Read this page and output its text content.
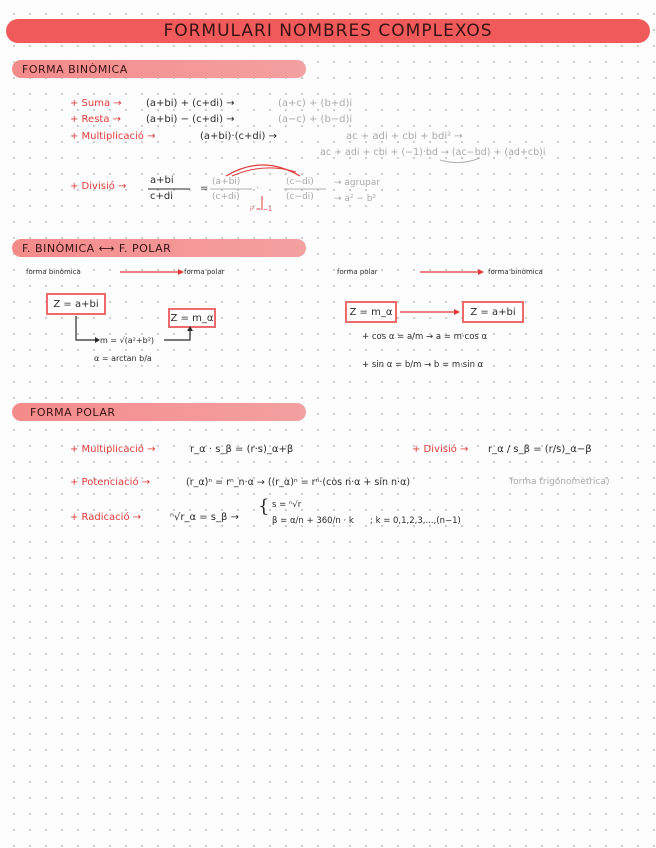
FORMULARI NOMBRES COMPLEXOS
FORMA BINÒMICA
+ Suma → (a+bi) + (c+di) →	(a+c) + (b+d)i
+ Resta → (a+bi) − (c+di) →	(a−c) + (b−d)i
+ Multiplicació →	(a+bi)·(c+di) →	ac + adi + cbi + bdi² →
ac + adi + cbi + (−1)·bd → (ac−bd) + (ad+cb)i
+ Divisió →
a+bi
c+di
=
(a+bi)
(c+di)
·
(c−di)
(c−di)
→ agrupar
→ a² − b²
i² = −1
F. BINÒMICA ⟷ F. POLAR
forma binòmica	forma polar	forma polar	forma binòmica
Z = a+bi
Z = m_α
m = √(a²+b²)
α = arctan b/a
Z = m_α	Z = a+bi
+ cos α = a/m → a = m·cos α
+ sin α = b/m → b = m·sin α
FORMA POLAR
+ Multiplicació →	r_α · s_β = (r·s)_α+β	+ Divisió → r_α / s_β = (r/s)_α−β
+ Potenciació →	(r_α)ⁿ = rⁿ_n·α → ((r_α)ⁿ = rⁿ·(cos n·α + sin n·α)	forma trigonomètrica)
+ Radicació →	ⁿ√r_α = s_β →
{ s = ⁿ√r
β = α/n + 360/n · k ; k = 0,1,2,3,...,(n−1)
